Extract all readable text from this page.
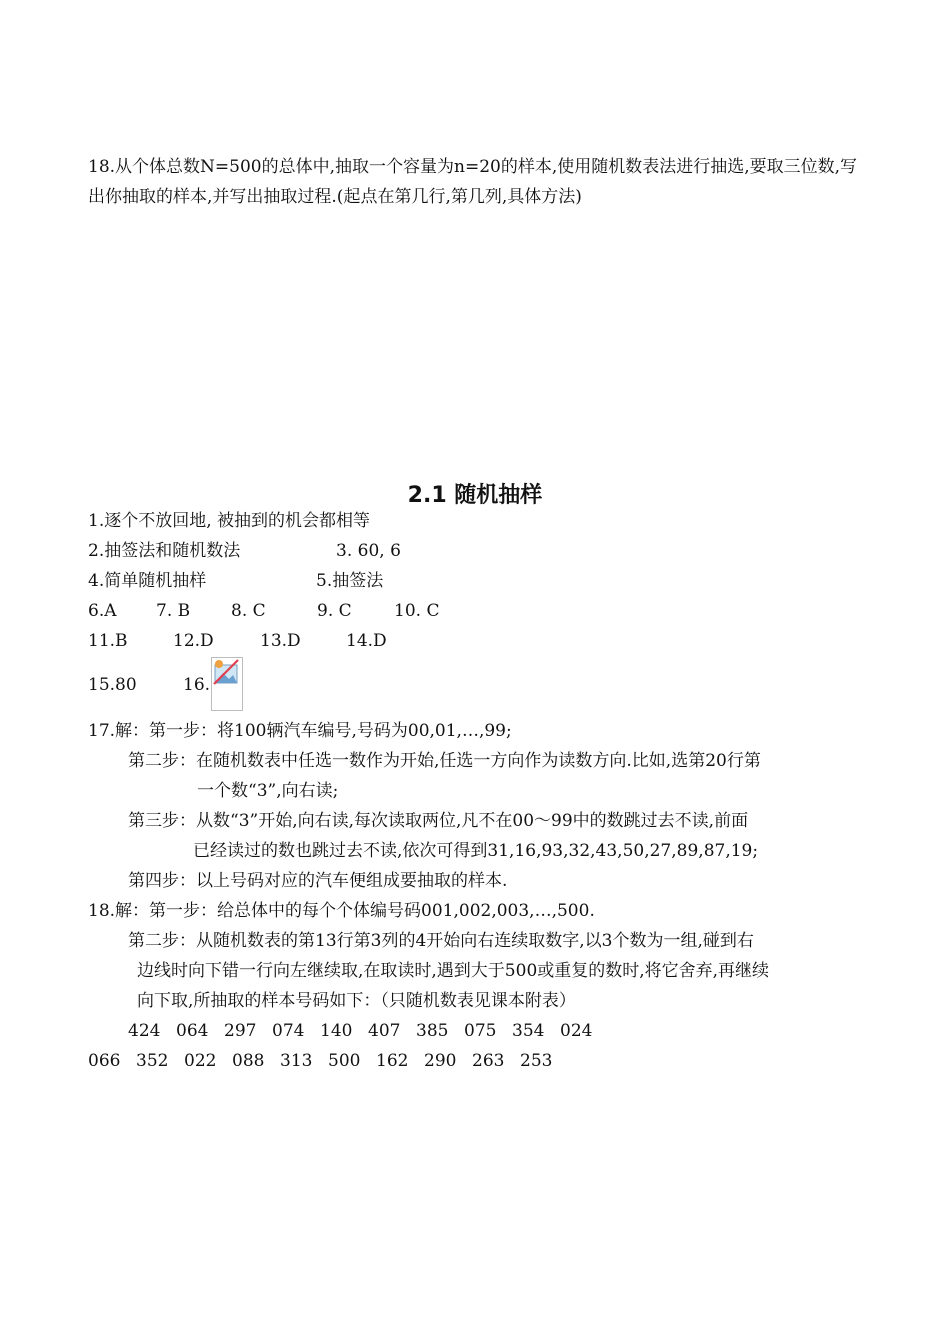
18.从个体总数N=500的总体中,抽取一个容量为n=20的样本,使用随机数表法进行抽选,要取三位数,写出你抽取的样本,并写出抽取过程.(起点在第几行,第几列,具体方法)
2.1 随机抽样
1.逐个不放回地, 被抽到的机会都相等
2.抽签法和随机数法	3. 60, 6
4.简单随机抽样	5.抽签法
6.A 7. B 8. C	9. C 10. C
11.B	12.D	13.D	14.D
15.80	16.
17.解：第一步：将100辆汽车编号,号码为00,01,…,99;
第二步：在随机数表中任选一数作为开始,任选一方向作为读数方向.比如,选第20行第
一个数“3”,向右读;
第三步：从数“3”开始,向右读,每次读取两位,凡不在00～99中的数跳过去不读,前面
已经读过的数也跳过去不读,依次可得到31,16,93,32,43,50,27,89,87,19;
第四步：以上号码对应的汽车便组成要抽取的样本.
18.解：第一步：给总体中的每个个体编号码001,002,003,…,500.
第二步：从随机数表的第13行第3列的4开始向右连续取数字,以3个数为一组,碰到右
边线时向下错一行向左继续取,在取读时,遇到大于500或重复的数时,将它舍弃,再继续
向下取,所抽取的样本号码如下：（只随机数表见课本附表）
424 064 297 074 140 407 385 075 354 024
066 352 022 088 313 500 162 290 263 253
